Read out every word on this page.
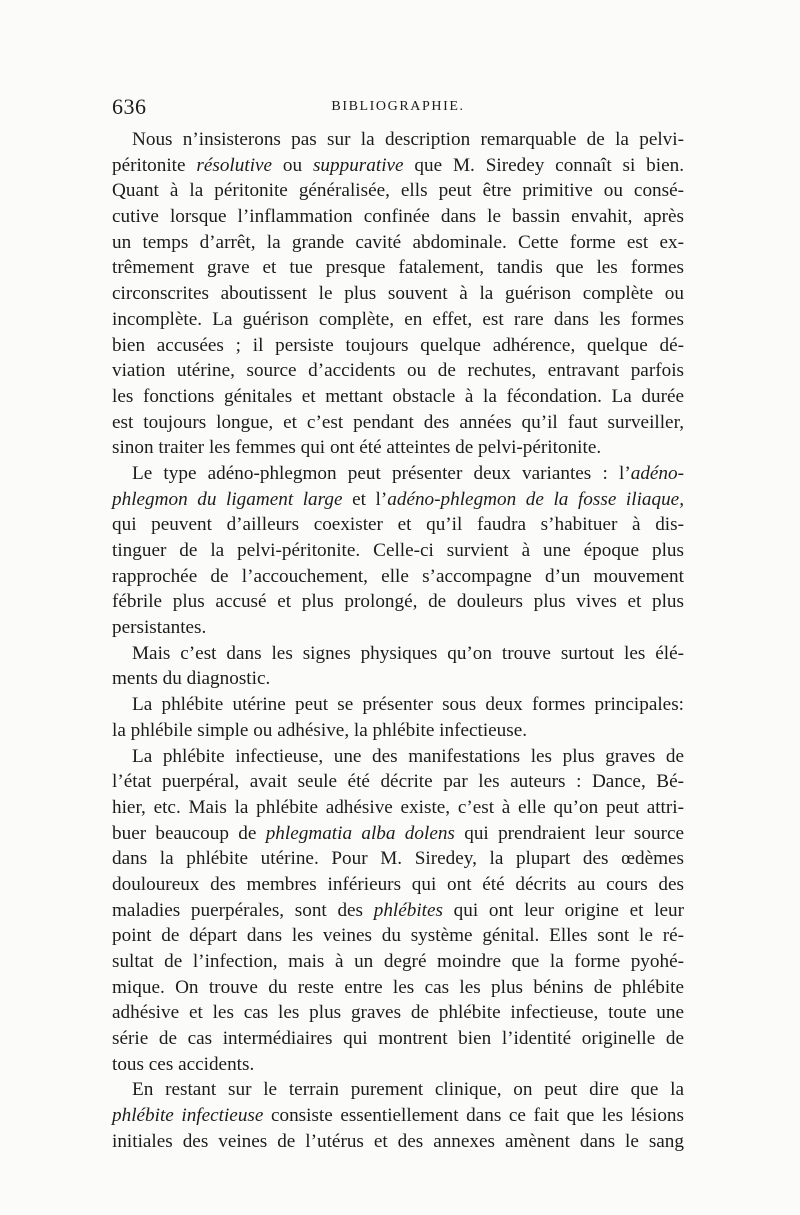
636	BIBLIOGRAPHIE.
Nous n’insisterons pas sur la description remarquable de la pelvi-
péritonite résolutive ou suppurative que M. Siredey connaît si bien.
Quant à la péritonite généralisée, ells peut être primitive ou consé-
cutive lorsque l’inflammation confinée dans le bassin envahit, après
un temps d’arrêt, la grande cavité abdominale. Cette forme est ex-
trêmement grave et tue presque fatalement, tandis que les formes
circonscrites aboutissent le plus souvent à la guérison complète ou
incomplète. La guérison complète, en effet, est rare dans les formes
bien accusées ; il persiste toujours quelque adhérence, quelque dé-
viation utérine, source d’accidents ou de rechutes, entravant parfois
les fonctions génitales et mettant obstacle à la fécondation. La durée
est toujours longue, et c’est pendant des années qu’il faut surveiller,
sinon traiter les femmes qui ont été atteintes de pelvi-péritonite.
Le type adéno-phlegmon peut présenter deux variantes : l’adéno-
phlegmon du ligament large et l’adéno-phlegmon de la fosse iliaque,
qui peuvent d’ailleurs coexister et qu’il faudra s’habituer à dis-
tinguer de la pelvi-péritonite. Celle-ci survient à une époque plus
rapprochée de l’accouchement, elle s’accompagne d’un mouvement
fébrile plus accusé et plus prolongé, de douleurs plus vives et plus
persistantes.
Mais c’est dans les signes physiques qu’on trouve surtout les élé-
ments du diagnostic.
La phlébite utérine peut se présenter sous deux formes principales:
la phlébile simple ou adhésive, la phlébite infectieuse.
La phlébite infectieuse, une des manifestations les plus graves de
l’état puerpéral, avait seule été décrite par les auteurs : Dance, Bé-
hier, etc. Mais la phlébite adhésive existe, c’est à elle qu’on peut attri-
buer beaucoup de phlegmatia alba dolens qui prendraient leur source
dans la phlébite utérine. Pour M. Siredey, la plupart des œdèmes
douloureux des membres inférieurs qui ont été décrits au cours des
maladies puerpérales, sont des phlébites qui ont leur origine et leur
point de départ dans les veines du système génital. Elles sont le ré-
sultat de l’infection, mais à un degré moindre que la forme pyohé-
mique. On trouve du reste entre les cas les plus bénins de phlébite
adhésive et les cas les plus graves de phlébite infectieuse, toute une
série de cas intermédiaires qui montrent bien l’identité originelle de
tous ces accidents.
En restant sur le terrain purement clinique, on peut dire que la
phlébite infectieuse consiste essentiellement dans ce fait que les lésions
initiales des veines de l’utérus et des annexes amènent dans le sang
